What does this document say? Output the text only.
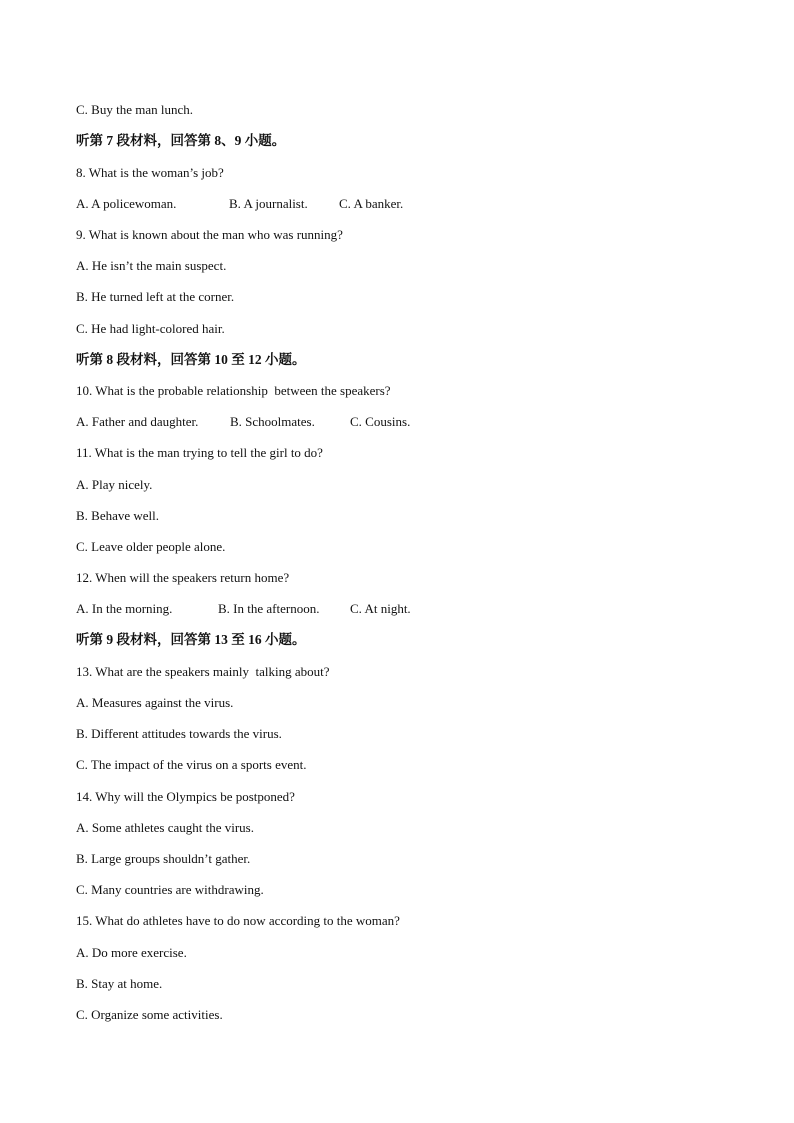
C. Buy the man lunch.
听第 7 段材料，回答第 8、9 小题。
8. What is the woman’s job?

A. A policewoman.

	B. A journalist.

C. A banker.

9. What is known about the man who was running?
A. He isn’t the main suspect.
B. He turned left at the corner.
C. He had light-colored hair.
听第 8 段材料，回答第 10 至 12 小题。
10. What is the probable relationship  between the speakers?

A. Father and daughter.

B. Schoolmates.

	C. Cousins.

11. What is the man trying to tell the girl to do?
A. Play nicely.
B. Behave well.
C. Leave older people alone.
12. When will the speakers return home?

A. In the morning.

	B. In the afternoon.

C. At night.

听第 9 段材料，回答第 13 至 16 小题。
13. What are the speakers mainly  talking about?
A. Measures against the virus.
B. Different attitudes towards the virus.
C. The impact of the virus on a sports event.
14. Why will the Olympics be postponed?
A. Some athletes caught the virus.
B. Large groups shouldn’t gather.
C. Many countries are withdrawing.
15. What do athletes have to do now according to the woman?
A. Do more exercise.
B. Stay at home.
C. Organize some activities.
